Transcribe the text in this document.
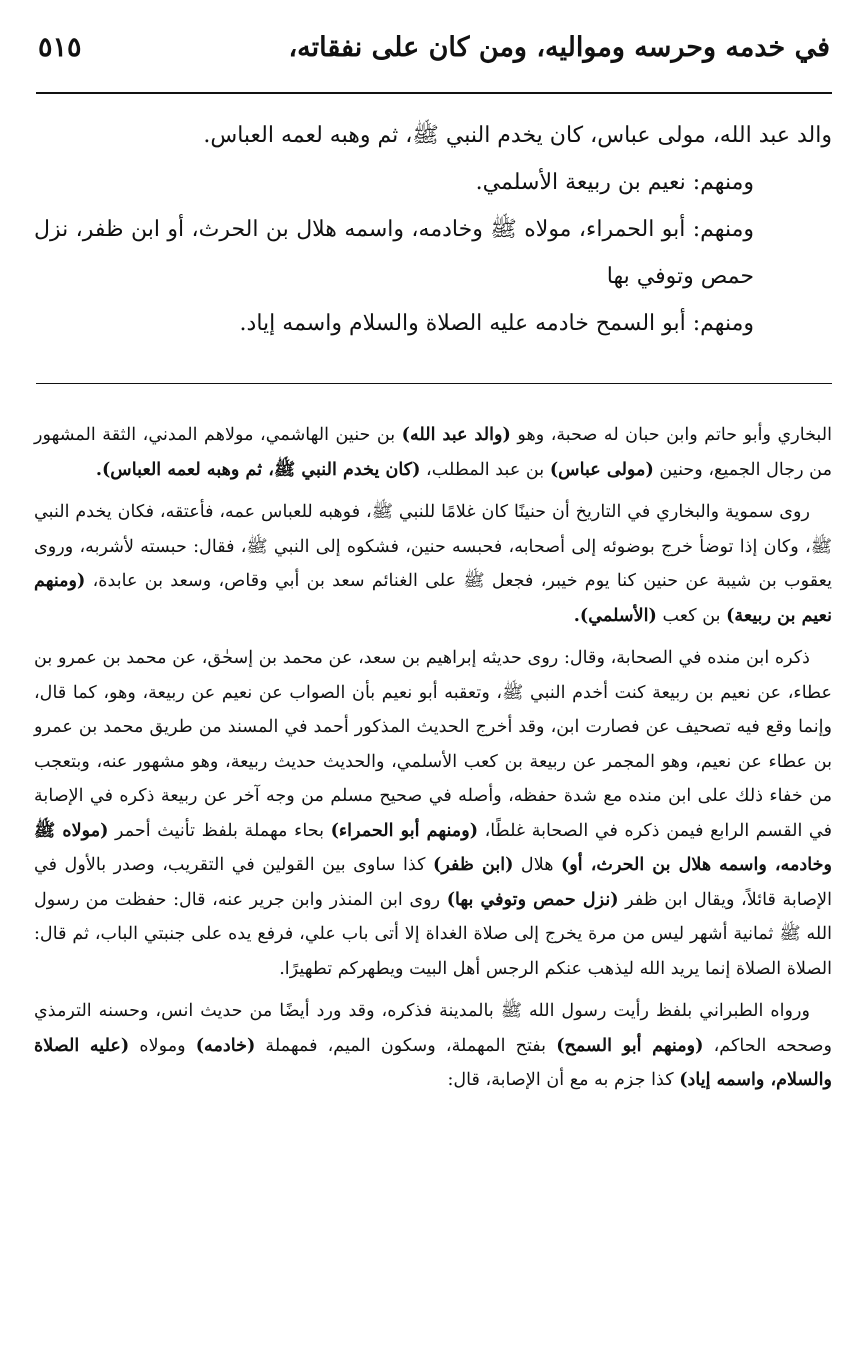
في خدمه وحرسه ومواليه، ومن كان على نفقاته،
٥١٥

والد عبد الله، مولى عباس، كان يخدم النبي ﷺ، ثم وهبه لعمه العباس.

ومنهم: نعيم بن ربيعة الأسلمي.

ومنهم: أبو الحمراء، مولاه ﷺ وخادمه، واسمه هلال بن الحرث، أو ابن ظفر، نزل حمص وتوفي بها

ومنهم: أبو السمح خادمه عليه الصلاة والسلام واسمه إياد.

البخاري وأبو حاتم وابن حبان له صحبة، وهو (والد عبد الله) بن حنين الهاشمي، مولاهم المدني، الثقة المشهور من رجال الجميع، وحنين (مولى عباس) بن عبد المطلب، (كان يخدم النبي ﷺ، ثم وهبه لعمه العباس).

روى سموية والبخاري في التاريخ أن حنينًا كان غلامًا للنبي ﷺ، فوهبه للعباس عمه، فأعتقه، فكان يخدم النبي ﷺ، وكان إذا توضأ خرج بوضوئه إلى أصحابه، فحبسه حنين، فشكوه إلى النبي ﷺ، فقال: حبسته لأشربه، وروى يعقوب بن شيبة عن حنين كنا يوم خيبر، فجعل ﷺ على الغنائم سعد بن أبي وقاص، وسعد بن عابدة، (ومنهم نعيم بن ربيعة) بن كعب (الأسلمي).

ذكره ابن منده في الصحابة، وقال: روى حديثه إبراهيم بن سعد، عن محمد بن إسحٰق، عن محمد بن عمرو بن عطاء، عن نعيم بن ربيعة كنت أخدم النبي ﷺ، وتعقبه أبو نعيم بأن الصواب عن نعيم عن ربيعة، وهو، كما قال، وإنما وقع فيه تصحيف عن فصارت ابن، وقد أخرج الحديث المذكور أحمد في المسند من طريق محمد بن عمرو بن عطاء عن نعيم، وهو المجمر عن ربيعة بن كعب الأسلمي، والحديث حديث ربيعة، وهو مشهور عنه، وبتعجب من خفاء ذلك على ابن منده مع شدة حفظه، وأصله في صحيح مسلم من وجه آخر عن ربيعة ذكره في الإصابة في القسم الرابع فيمن ذكره في الصحابة غلطًا، (ومنهم أبو الحمراء) بحاء مهملة بلفظ تأنيث أحمر (مولاه ﷺ وخادمه، واسمه هلال بن الحرث، أو) هلال (ابن ظفر) كذا ساوى بين القولين في التقريب، وصدر بالأول في الإصابة قائلاً، ويقال ابن ظفر (نزل حمص وتوفي بها) روى ابن المنذر وابن جرير عنه، قال: حفظت من رسول الله ﷺ ثمانية أشهر ليس من مرة يخرج إلى صلاة الغداة إلا أتى باب علي، فرفع يده على جنبتي الباب، ثم قال: الصلاة الصلاة إنما يريد الله ليذهب عنكم الرجس أهل البيت ويطهركم تطهيرًا.

ورواه الطبراني بلفظ رأيت رسول الله ﷺ بالمدينة فذكره، وقد ورد أيضًا من حديث انس، وحسنه الترمذي وصححه الحاكم، (ومنهم أبو السمح) بفتح المهملة، وسكون الميم، فمهملة (خادمه) ومولاه (عليه الصلاة والسلام، واسمه إياد) كذا جزم به مع أن الإصابة، قال:
